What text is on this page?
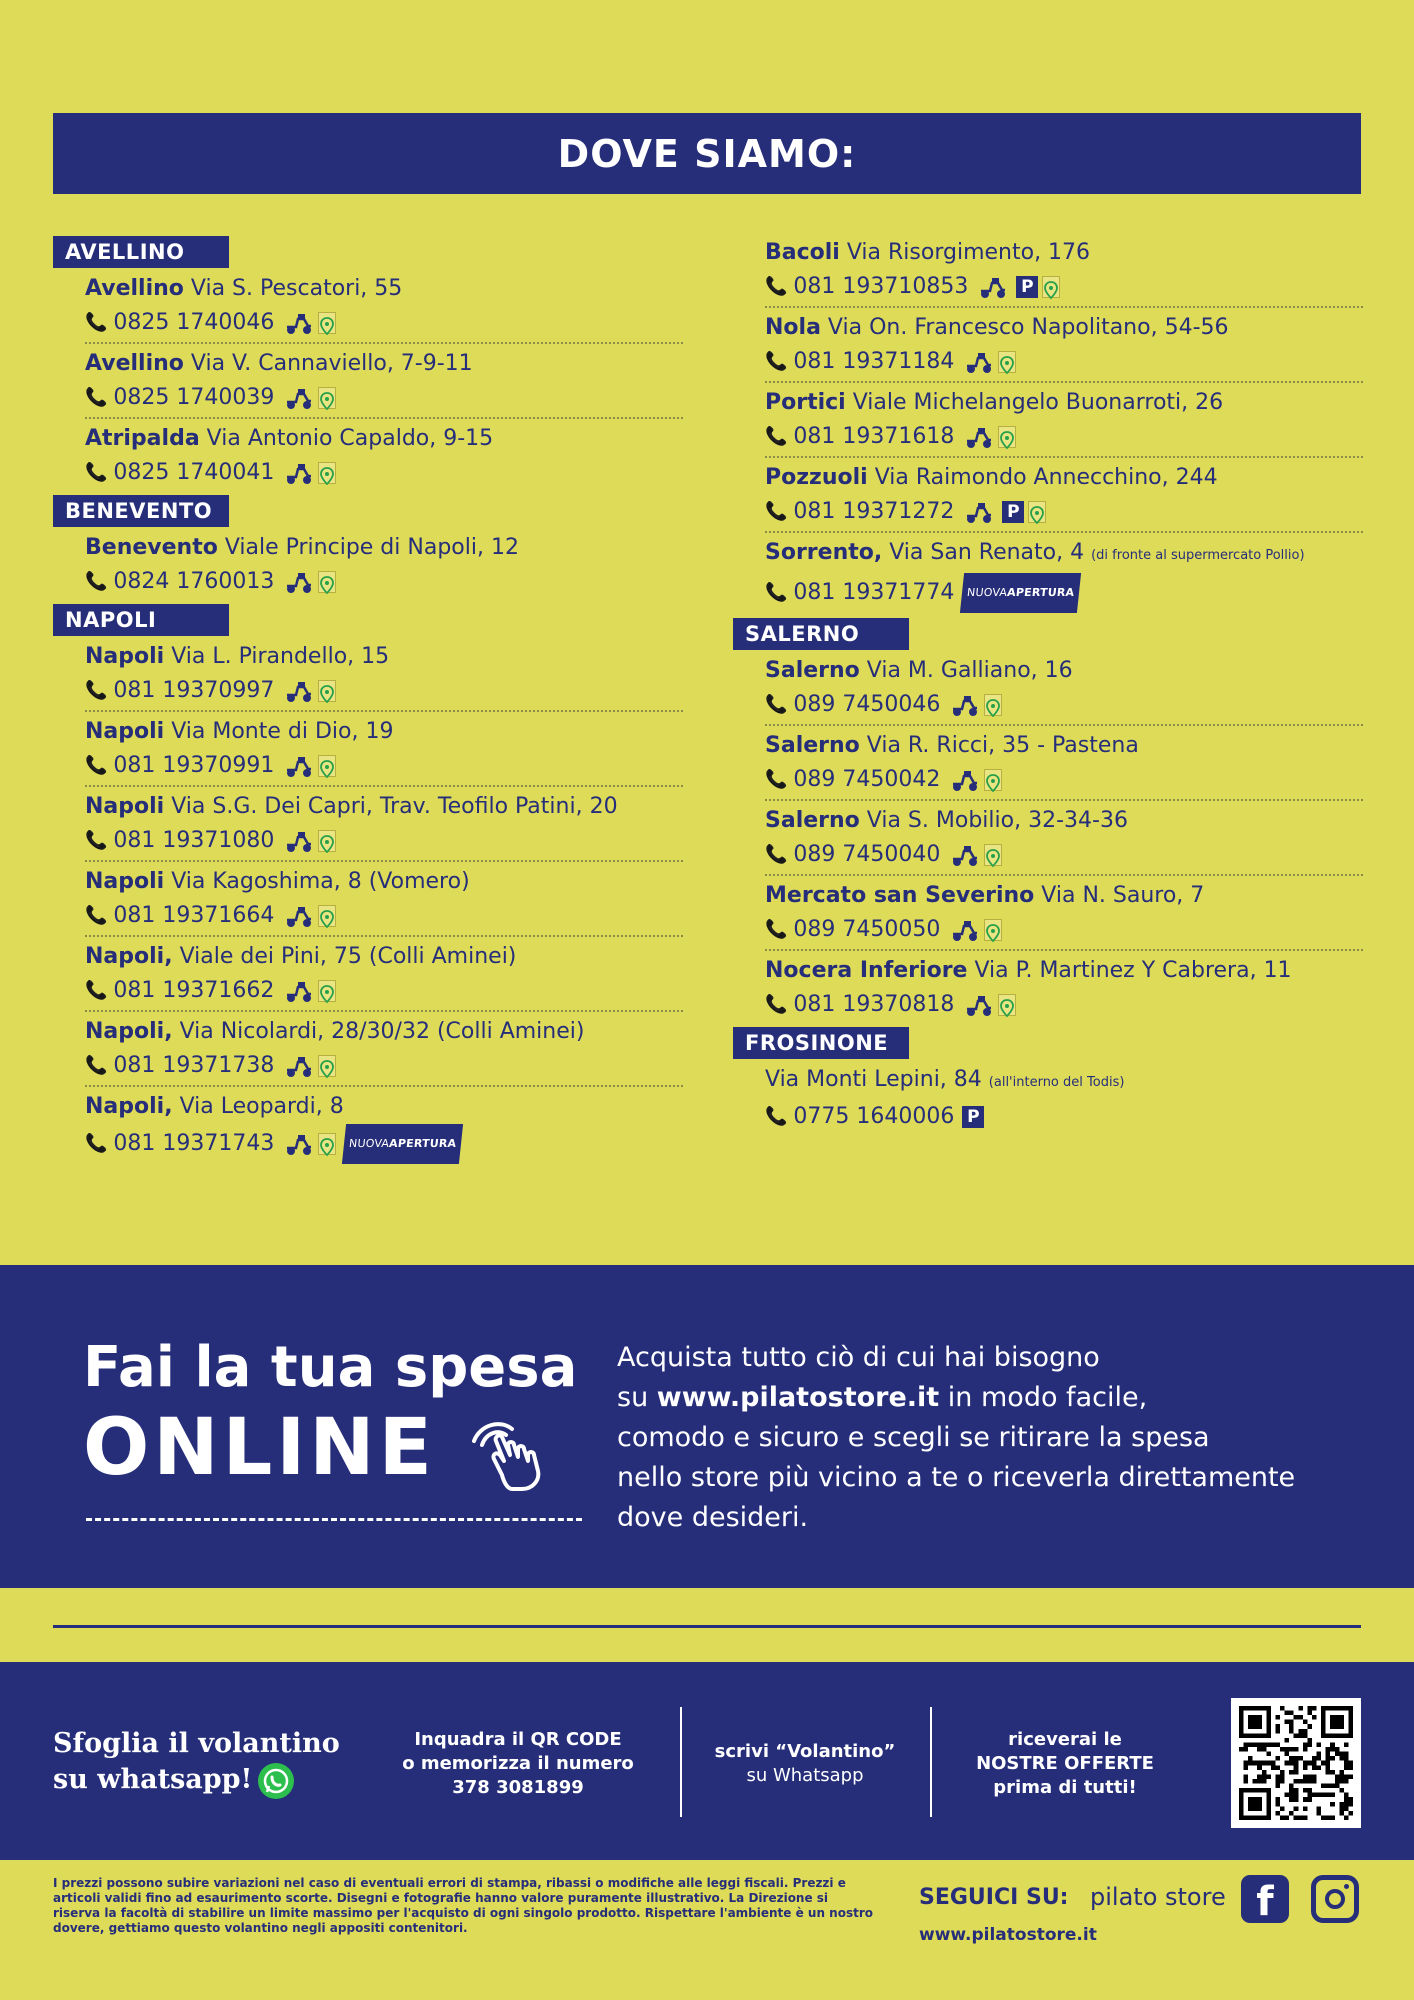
DOVE SIAMO:
AVELLINO
Avellino Via S. Pescatori, 55
📞 0825 1740046
Avellino Via V. Cannaviello, 7-9-11
📞 0825 1740039
Atripalda Via Antonio Capaldo, 9-15
📞 0825 1740041
BENEVENTO
Benevento Viale Principe di Napoli, 12
📞 0824 1760013
NAPOLI
Napoli Via L. Pirandello, 15
📞 081 19370997
Napoli Via Monte di Dio, 19
📞 081 19370991
Napoli Via S.G. Dei Capri, Trav. Teofilo Patini, 20
📞 081 19371080
Napoli Via Kagoshima, 8 (Vomero)
📞 081 19371664
Napoli, Viale dei Pini, 75 (Colli Aminei)
📞 081 19371662
Napoli, Via Nicolardi, 28/30/32 (Colli Aminei)
📞 081 19371738
Napoli, Via Leopardi, 8
📞 081 19371743	NUOVAAPERTURA
Bacoli Via Risorgimento, 176
📞 081 193710853	P
Nola Via On. Francesco Napolitano, 54-56
📞 081 19371184
Portici Viale Michelangelo Buonarroti, 26
📞 081 19371618
Pozzuoli Via Raimondo Annecchino, 244
📞 081 19371272	P
Sorrento, Via San Renato, 4 (di fronte al supermercato Pollio)
📞 081 19371774	NUOVAAPERTURA
SALERNO
Salerno Via M. Galliano, 16
📞 089 7450046
Salerno Via R. Ricci, 35 - Pastena
📞 089 7450042
Salerno Via S. Mobilio, 32-34-36
📞 089 7450040
Mercato san Severino Via N. Sauro, 7
📞 089 7450050
Nocera Inferiore Via P. Martinez Y Cabrera, 11
📞 081 19370818
FROSINONE
Via Monti Lepini, 84 (all'interno del Todis)
📞 0775 1640006 P
Fai la tua spesa
ONLINE
Acquista tutto ciò di cui hai bisogno
su www.pilatostore.it in modo facile,
comodo e sicuro e scegli se ritirare la spesa
nello store più vicino a te o riceverla direttamente
dove desideri.
Sfoglia il volantino
su whatsapp!
Inquadra il QR CODE
o memorizza il numero
378 3081899
scrivi “Volantino”
su Whatsapp
riceverai le
NOSTRE OFFERTE
prima di tutti!
I prezzi possono subire variazioni nel caso di eventuali errori di stampa, ribassi o modifiche alle leggi fiscali. Prezzi e articoli validi fino ad esaurimento scorte. Disegni e fotografie hanno valore puramente illustrativo. La Direzione si riserva la facoltà di stabilire un limite massimo per l'acquisto di ogni singolo prodotto. Rispettare l'ambiente è un nostro dovere, gettiamo questo volantino negli appositi contenitori.
SEGUICI SU: pilato store f
www.pilatostore.it
